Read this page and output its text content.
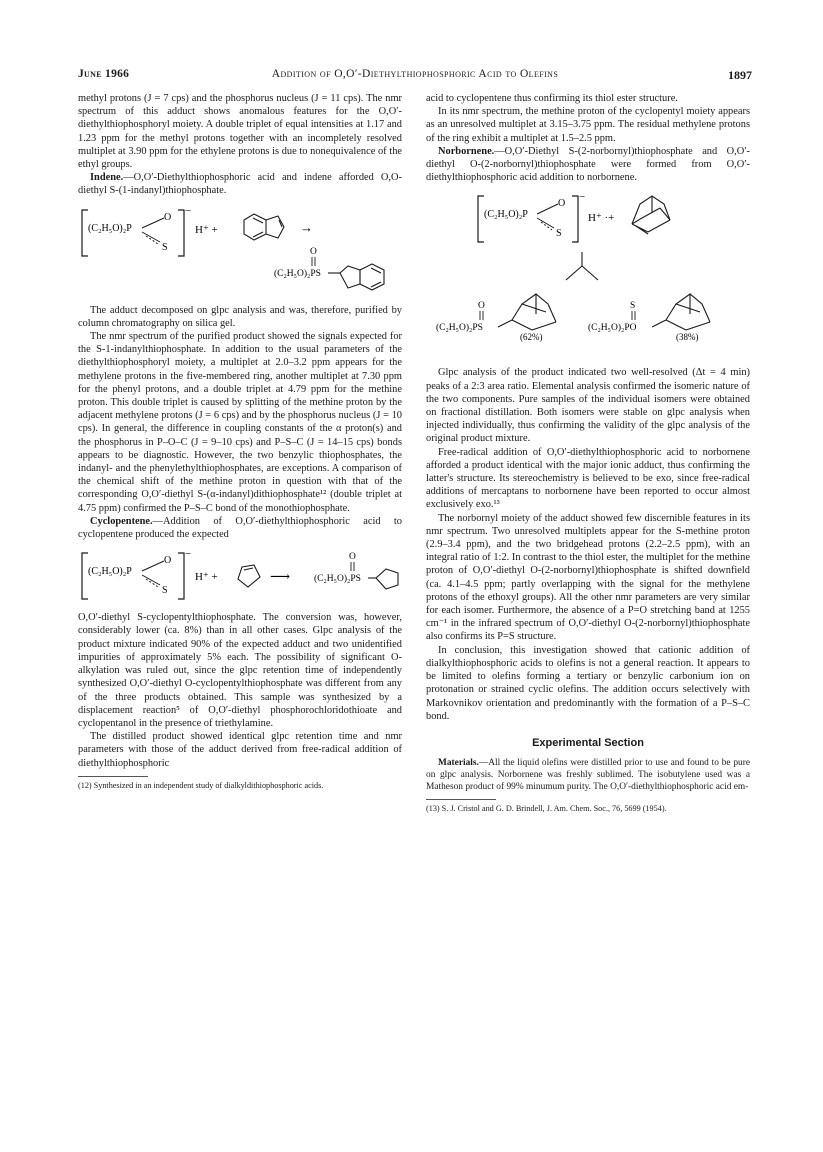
June 1966	Addition of O,O′-Diethylthiophosphoric Acid to Olefins	1897

methyl protons (J = 7 cps) and the phosphorus nucleus (J = 11 cps). The nmr spectrum of this adduct shows anomalous features for the O,O′-diethylthiophosphoryl moiety. A double triplet of equal intensities at 1.17 and 1.23 ppm for the methyl protons together with an incompletely resolved multiplet at 3.90 ppm for the ethylene protons is due to nonequivalence of the ethyl groups.

Indene.—O,O′-Diethylthiophosphoric acid and indene afforded O,O-diethyl S-(1-indanyl)thiophosphate.

(C₂H₅O)₂P
O
S
−
H⁺ +	→
O
(C₂H₅O)₂PS

The adduct decomposed on glpc analysis and was, therefore, purified by column chromatography on silica gel.

The nmr spectrum of the purified product showed the signals expected for the S-1-indanylthiophosphate. In addition to the usual parameters of the diethylthiophosphoryl moiety, a multiplet at 2.0–3.2 ppm appears for the methylene protons in the five-membered ring, another multiplet at 7.30 ppm for the phenyl protons, and a double triplet at 4.79 ppm for the methine proton. This double triplet is caused by splitting of the methine proton by the adjacent methylene protons (J = 6 cps) and by the phosphorus nucleus (J = 10 cps). In general, the difference in coupling constants of the α proton(s) and the phosphorus in P–O–C (J = 9–10 cps) and P–S–C (J = 14–15 cps) bonds appears to be diagnostic. However, the two benzylic thiophosphates, the indanyl- and the phenylethylthiophosphates, are exceptions. A comparison of the chemical shift of the methine proton in question with that of the corresponding O,O′-diethyl S-(α-indanyl)dithiophosphate¹² (double triplet at 4.75 ppm) confirmed the P–S–C bond of the monothiophosphate.

Cyclopentene.—Addition of O,O′-diethylthiophosphoric acid to cyclopentene produced the expected

(C₂H₅O)₂P
O
S
−
H⁺ +	⟶
O
(C₂H₅O)₂PS

O,O′-diethyl S-cyclopentylthiophosphate. The conversion was, however, considerably lower (ca. 8%) than in all other cases. Glpc analysis of the product mixture indicated 90% of the expected adduct and two unidentified impurities of approximately 5% each. The possibility of significant O-alkylation was ruled out, since the glpc retention time of independently synthesized O,O′-diethyl O-cyclopentylthiophosphate was different from any of the three products obtained. This sample was synthesized by a displacement reaction⁵ of O,O′-diethyl phosphorochloridothioate and cyclopentanol in the presence of triethylamine.

The distilled product showed identical glpc retention time and nmr parameters with those of the adduct derived from free-radical addition of diethylthiophosphoric

(12) Synthesized in an independent study of dialkyldithiophosphoric acids.

acid to cyclopentene thus confirming its thiol ester structure.

In its nmr spectrum, the methine proton of the cyclopentyl moiety appears as an unresolved multiplet at 3.15–3.75 ppm. The residual methylene protons of the ring exhibit a multiplet at 1.5–2.5 ppm.

Norbornene.—O,O′-Diethyl S-(2-norbornyl)thiophosphate and O,O′-diethyl O-(2-norbornyl)thiophosphate were formed from O,O′-diethylthiophosphoric acid addition to norbornene.

(C₂H₅O)₂P
O
S
−
H⁺ ·+
O
(C₂H₅O)₂PS
(62%)
S
(C₂H₅O)₂PO
(38%)

Glpc analysis of the product indicated two well-resolved (Δt = 4 min) peaks of a 2:3 area ratio. Elemental analysis confirmed the isomeric nature of the two components. Pure samples of the individual isomers were obtained on fractional distillation. Both isomers were stable on glpc analysis when injected individually, thus confirming the validity of the glpc analysis of the original product mixture.

Free-radical addition of O,O′-diethylthiophosphoric acid to norbornene afforded a product identical with the major ionic adduct, thus confirming the latter's structure. Its stereochemistry is believed to be exo, since free-radical additions of mercaptans to norbornene have been reported to occur almost exclusively exo.¹³

The norbornyl moiety of the adduct showed few discernible features in its nmr spectrum. Two unresolved multiplets appear for the S-methine proton (2.9–3.4 ppm), and the two bridgehead protons (2.2–2.5 ppm), with an integral ratio of 1:2. In contrast to the thiol ester, the multiplet for the methine proton of O,O′-diethyl O-(2-norbornyl)thiophosphate is shifted downfield (ca. 4.1–4.5 ppm; partly overlapping with the signal for the methylene protons of the ethoxyl groups). All the other nmr parameters are very similar for each isomer. Furthermore, the absence of a P=O stretching band at 1255 cm⁻¹ in the infrared spectrum of O,O′-diethyl O-(2-norbornyl)thiophosphate also confirms its P=S structure.

In conclusion, this investigation showed that cationic addition of dialkylthiophosphoric acids to olefins is not a general reaction. It appears to be limited to olefins forming a tertiary or benzylic carbonium ion on protonation or strained cyclic olefins. The addition occurs selectively with Markovnikov orientation and predominantly with the formation of a P–S–C bond.

Experimental Section

Materials.—All the liquid olefins were distilled prior to use and found to be pure on glpc analysis. Norbornene was freshly sublimed. The isobutylene used was a Matheson product of 99% minumum purity. The O,O′-diethylthiophosphoric acid em-

(13) S. J. Cristol and G. D. Brindell, J. Am. Chem. Soc., 76, 5699 (1954).
